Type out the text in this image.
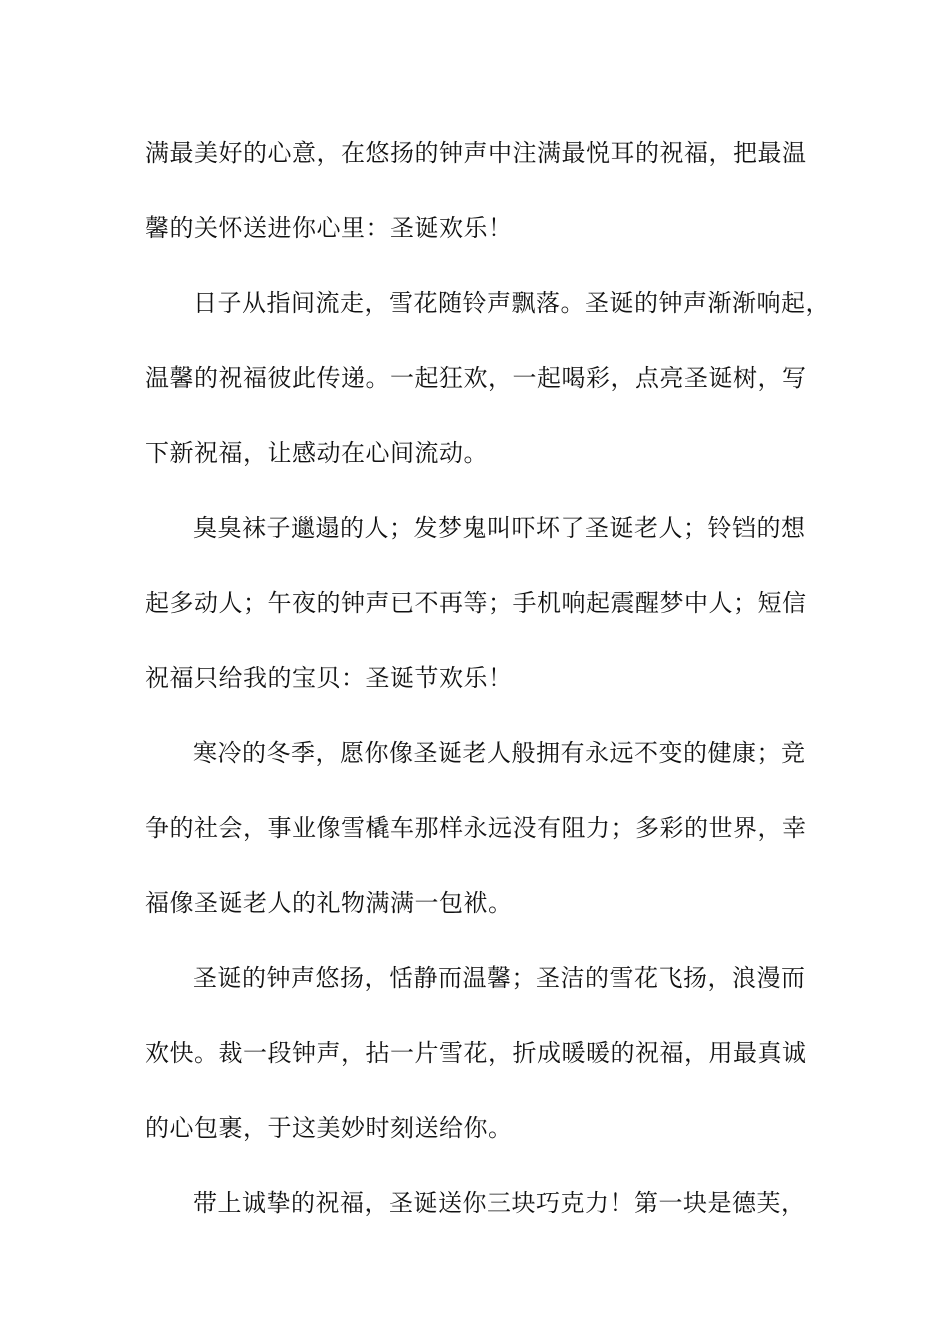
满最美好的心意，在悠扬的钟声中注满最悦耳的祝福，把最温
馨的关怀送进你心里：圣诞欢乐！
日子从指间流走，雪花随铃声飘落。圣诞的钟声渐渐响起，
温馨的祝福彼此传递。一起狂欢，一起喝彩，点亮圣诞树，写
下新祝福，让感动在心间流动。
臭臭袜子邋遢的人；发梦鬼叫吓坏了圣诞老人；铃铛的想
起多动人；午夜的钟声已不再等；手机响起震醒梦中人；短信
祝福只给我的宝贝：圣诞节欢乐！
寒冷的冬季，愿你像圣诞老人般拥有永远不变的健康；竞
争的社会，事业像雪橇车那样永远没有阻力；多彩的世界，幸
福像圣诞老人的礼物满满一包袱。
圣诞的钟声悠扬，恬静而温馨；圣洁的雪花飞扬，浪漫而
欢快。裁一段钟声，拈一片雪花，折成暖暖的祝福，用最真诚
的心包裹，于这美妙时刻送给你。
带上诚挚的祝福，圣诞送你三块巧克力！第一块是德芙，
